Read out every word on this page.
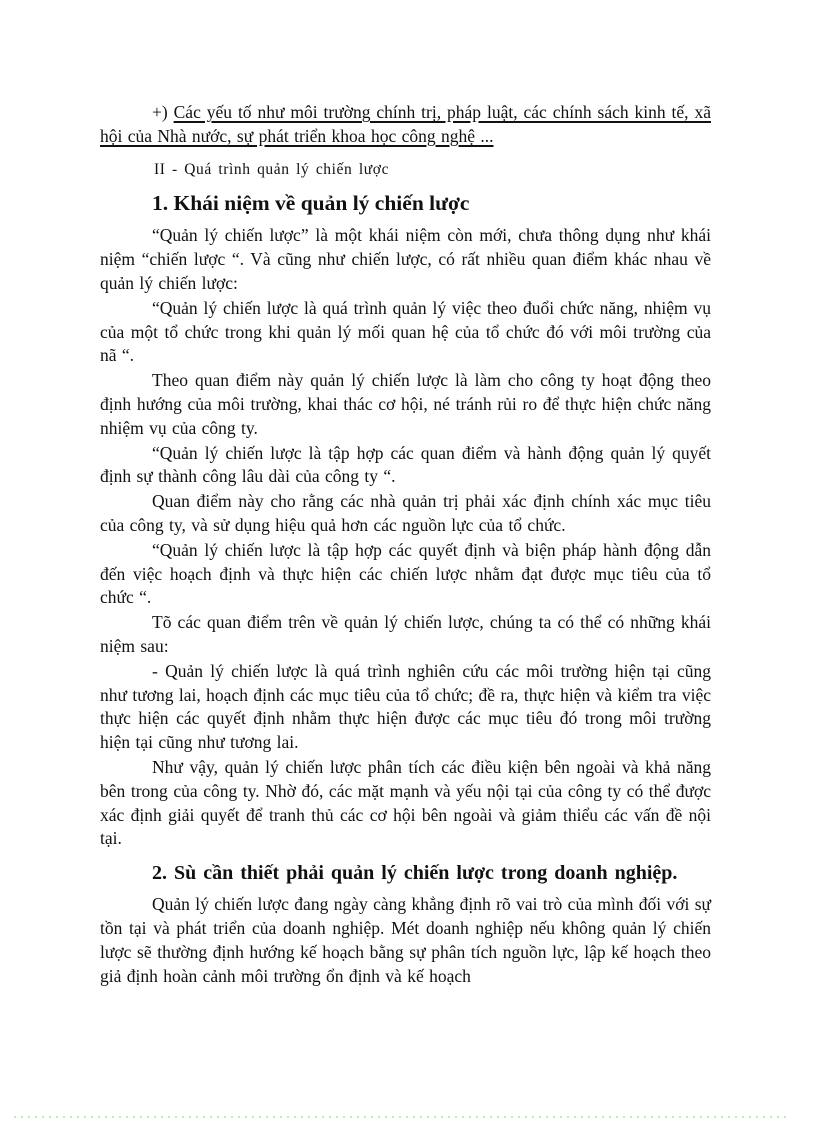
+) Các yếu tố như môi trường chính trị, pháp luật, các chính sách kinh tế, xã hội của Nhà nước, sự phát triển khoa học công nghệ ...

II - Quá trình quản lý chiến lược

1. Khái niệm về quản lý chiến lược

“Quản lý chiến lược” là một khái niệm còn mới, chưa thông dụng như khái niệm “chiến lược “. Và cũng như chiến lược, có rất nhiều quan điểm khác nhau về quản lý chiến lược:

“Quản lý chiến lược là quá trình quản lý việc theo đuổi chức năng, nhiệm vụ của một tổ chức trong khi quản lý mối quan hệ của tổ chức đó với môi trường của nã “.

Theo quan điểm này quản lý chiến lược là làm cho công ty hoạt động theo định hướng của môi trường, khai thác cơ hội, né tránh rủi ro để thực hiện chức năng nhiệm vụ của công ty.

“Quản lý chiến lược là tập hợp các quan điểm và hành động quản lý quyết định sự thành công lâu dài của công ty “.

Quan điểm này cho rằng các nhà quản trị phải xác định chính xác mục tiêu của công ty, và sử dụng hiệu quả hơn các nguồn lực của tổ chức.

“Quản lý chiến lược là tập hợp các quyết định và biện pháp hành động dẫn đến việc hoạch định và thực hiện các chiến lược nhằm đạt được mục tiêu của tổ chức “.

Tõ các quan điểm trên về quản lý chiến lược, chúng ta có thể có những khái niệm sau:

- Quản lý chiến lược là quá trình nghiên cứu các môi trường hiện tại cũng như tương lai, hoạch định các mục tiêu của tổ chức; đề ra, thực hiện và kiểm tra việc thực hiện các quyết định nhằm thực hiện được các mục tiêu đó trong môi trường hiện tại cũng như tương lai.

Như vậy, quản lý chiến lược phân tích các điều kiện bên ngoài và khả năng bên trong của công ty. Nhờ đó, các mặt mạnh và yếu nội tại của công ty có thể được xác định giải quyết để tranh thủ các cơ hội bên ngoài và giảm thiểu các vấn đề nội tại.

2. Sù cần thiết phải quản lý chiến lược trong doanh nghiệp.

Quản lý chiến lược đang ngày càng khẳng định rõ vai trò của mình đối với sự tồn tại và phát triển của doanh nghiệp. Mét doanh nghiệp nếu không quản lý chiến lược sẽ thường định hướng kế hoạch bằng sự phân tích nguồn lực, lập kế hoạch theo giả định hoàn cảnh môi trường ổn định và kế hoạch
